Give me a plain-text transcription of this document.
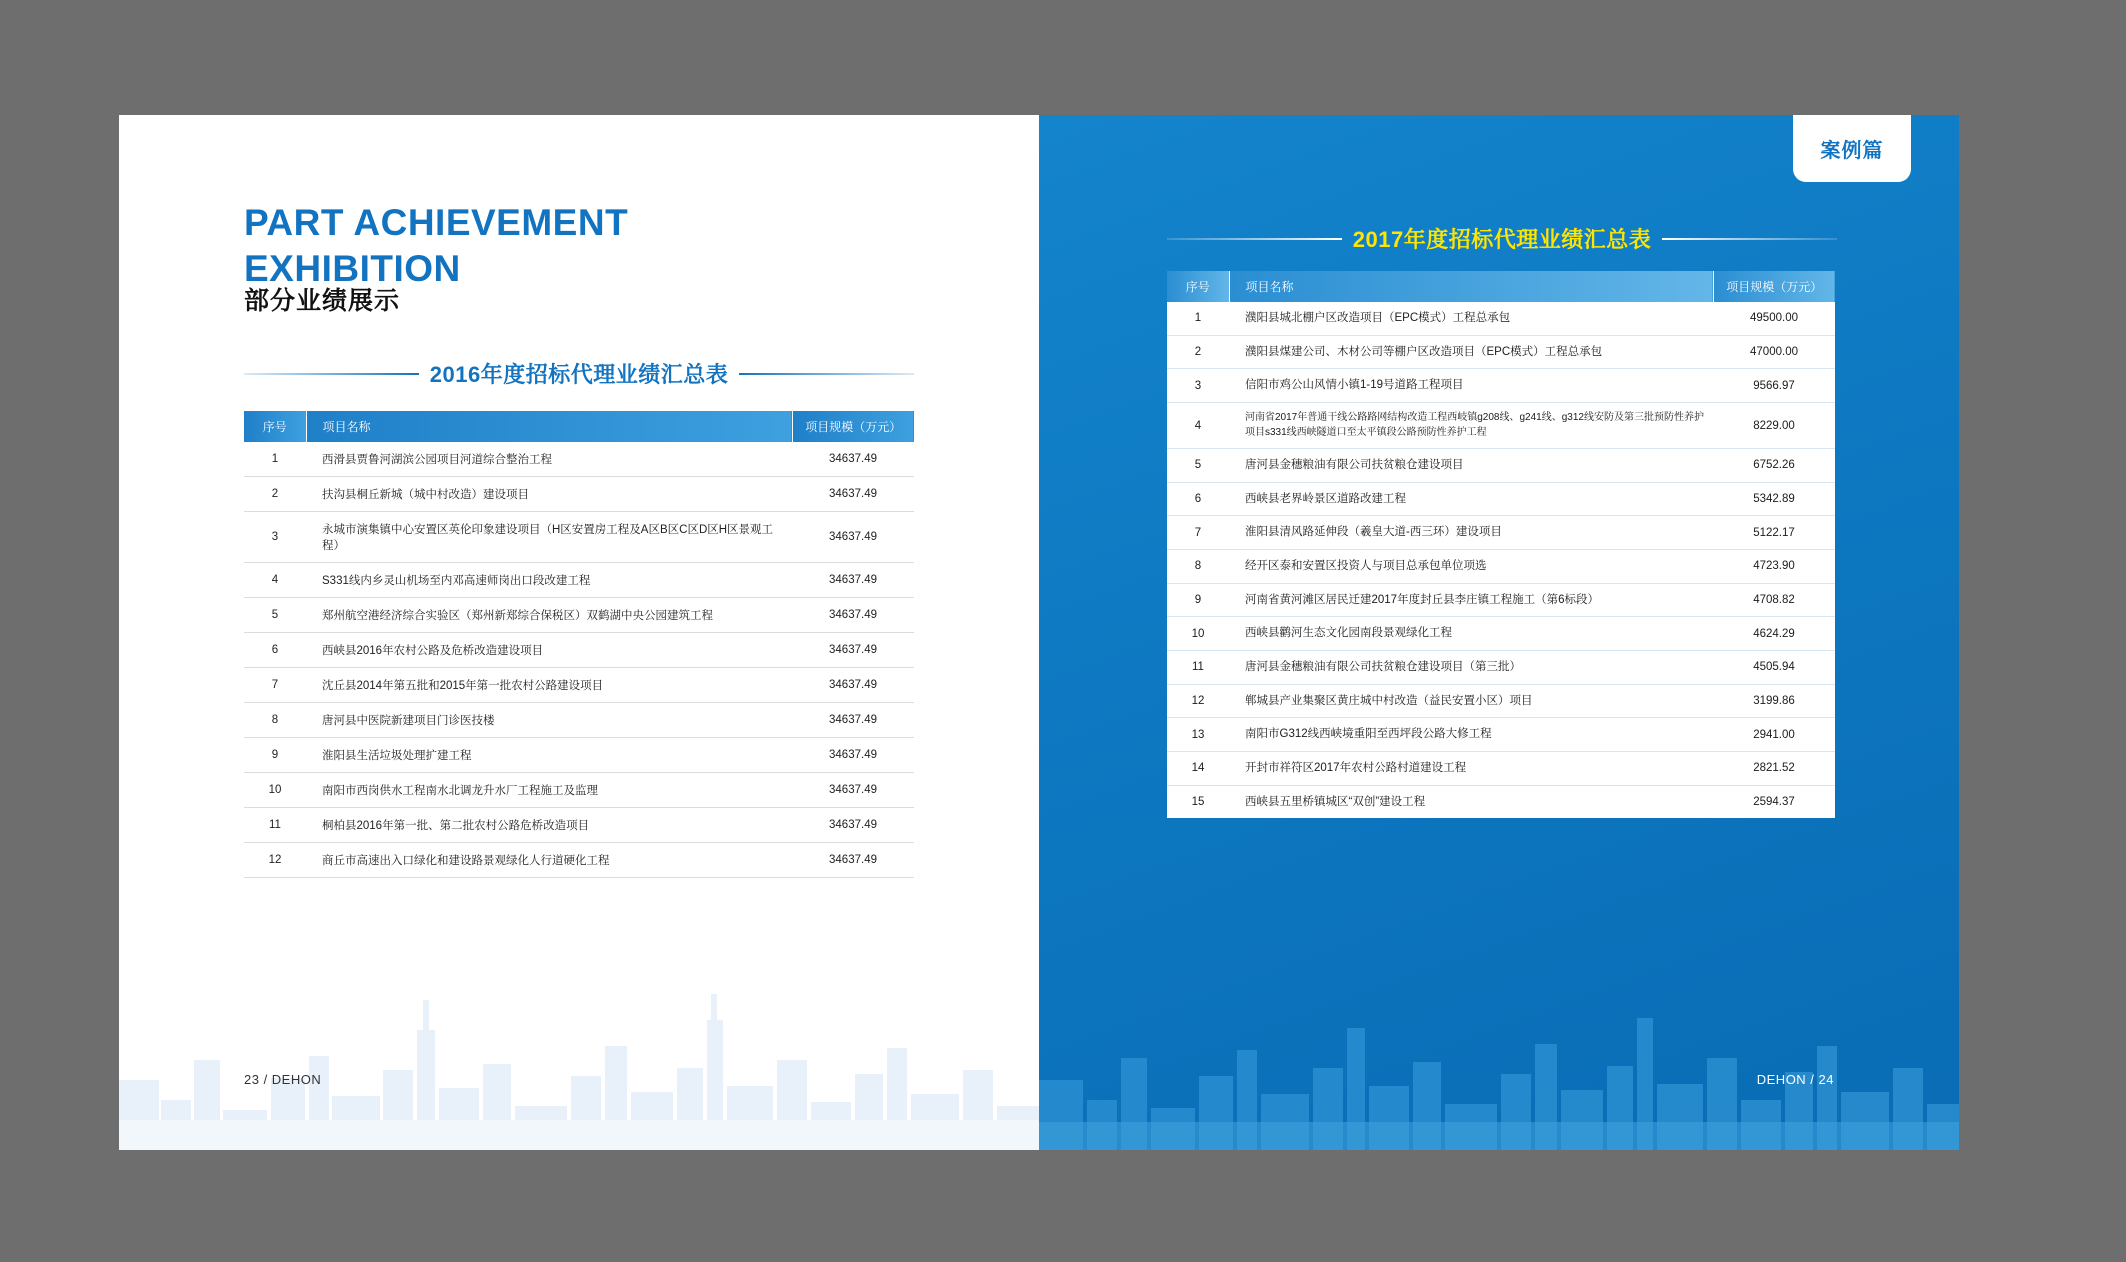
PART ACHIEVEMENT
EXHIBITION
部分业绩展示
2016年度招标代理业绩汇总表
序号	项目名称	项目规模（万元）
1	西滑县贾鲁河湖滨公园项目河道综合整治工程	34637.49
2	扶沟县桐丘新城（城中村改造）建设项目	34637.49
3	永城市演集镇中心安置区英伦印象建设项目（H区安置房工程及A区B区C区D区H区景观工程）	34637.49
4	S331线内乡灵山机场至内邓高速师岗出口段改建工程	34637.49
5	郑州航空港经济综合实验区（郑州新郑综合保税区）双鹤湖中央公园建筑工程	34637.49
6	西峡县2016年农村公路及危桥改造建设项目	34637.49
7	沈丘县2014年第五批和2015年第一批农村公路建设项目	34637.49
8	唐河县中医院新建项目门诊医技楼	34637.49
9	淮阳县生活垃圾处理扩建工程	34637.49
10	南阳市西岗供水工程南水北调龙升水厂工程施工及监理	34637.49
11	桐柏县2016年第一批、第二批农村公路危桥改造项目	34637.49
12	商丘市高速出入口绿化和建设路景观绿化人行道硬化工程	34637.49
23 / DEHON
案例篇
2017年度招标代理业绩汇总表
序号	项目名称	项目规模（万元）
1	濮阳县城北棚户区改造项目（EPC模式）工程总承包	49500.00
2	濮阳县煤建公司、木材公司等棚户区改造项目（EPC模式）工程总承包	47000.00
3	信阳市鸡公山风情小镇1-19号道路工程项目	9566.97
4	河南省2017年普通干线公路路网结构改造工程西岐镇g208线、g241线、g312线安防及第三批预防性养护项目s331线西峡隧道口至太平镇段公路预防性养护工程	8229.00
5	唐河县金穗粮油有限公司扶贫粮仓建设项目	6752.26
6	西峡县老界岭景区道路改建工程	5342.89
7	淮阳县清风路延伸段（羲皇大道-西三环）建设项目	5122.17
8	经开区泰和安置区投资人与项目总承包单位项选	4723.90
9	河南省黄河滩区居民迁建2017年度封丘县李庄镇工程施工（第6标段）	4708.82
10	西峡县鹳河生态文化园南段景观绿化工程	4624.29
11	唐河县金穗粮油有限公司扶贫粮仓建设项目（第三批）	4505.94
12	郸城县产业集聚区黄庄城中村改造（益民安置小区）项目	3199.86
13	南阳市G312线西峡境重阳至西坪段公路大修工程	2941.00
14	开封市祥符区2017年农村公路村道建设工程	2821.52
15	西峡县五里桥镇城区“双创”建设工程	2594.37
DEHON / 24
